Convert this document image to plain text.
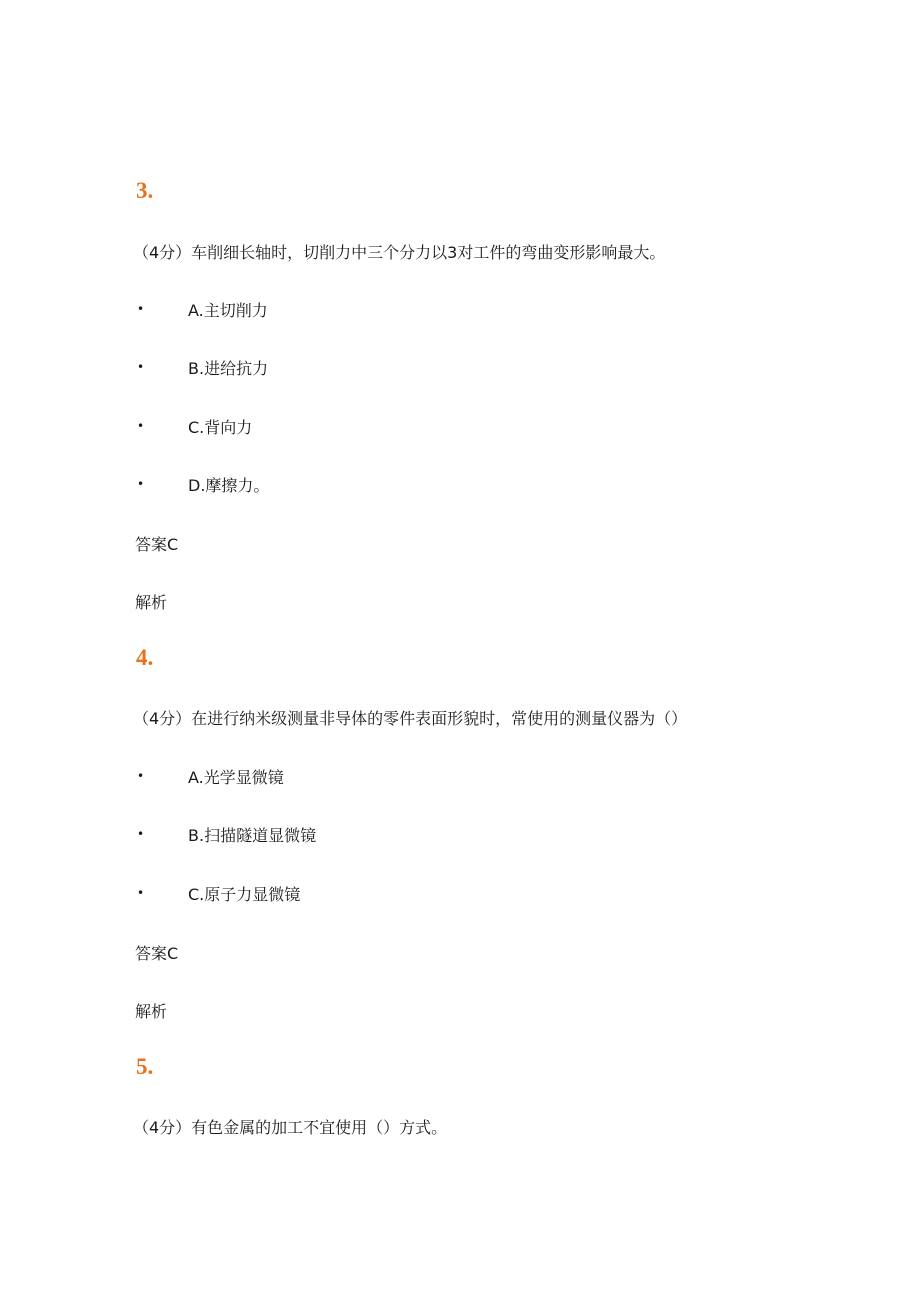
3.
（4分）车削细长轴时，切削力中三个分力以3对工件的弯曲变形影响最大。
•	A.主切削力
•	B.进给抗力
•	C.背向力
•	D.摩擦力。
答案C
解析
4.
（4分）在进行纳米级测量非导体的零件表面形貌时，常使用的测量仪器为（）
•	A.光学显微镜
•	B.扫描隧道显微镜
•	C.原子力显微镜
答案C
解析
5.
（4分）有色金属的加工不宜使用（）方式。
